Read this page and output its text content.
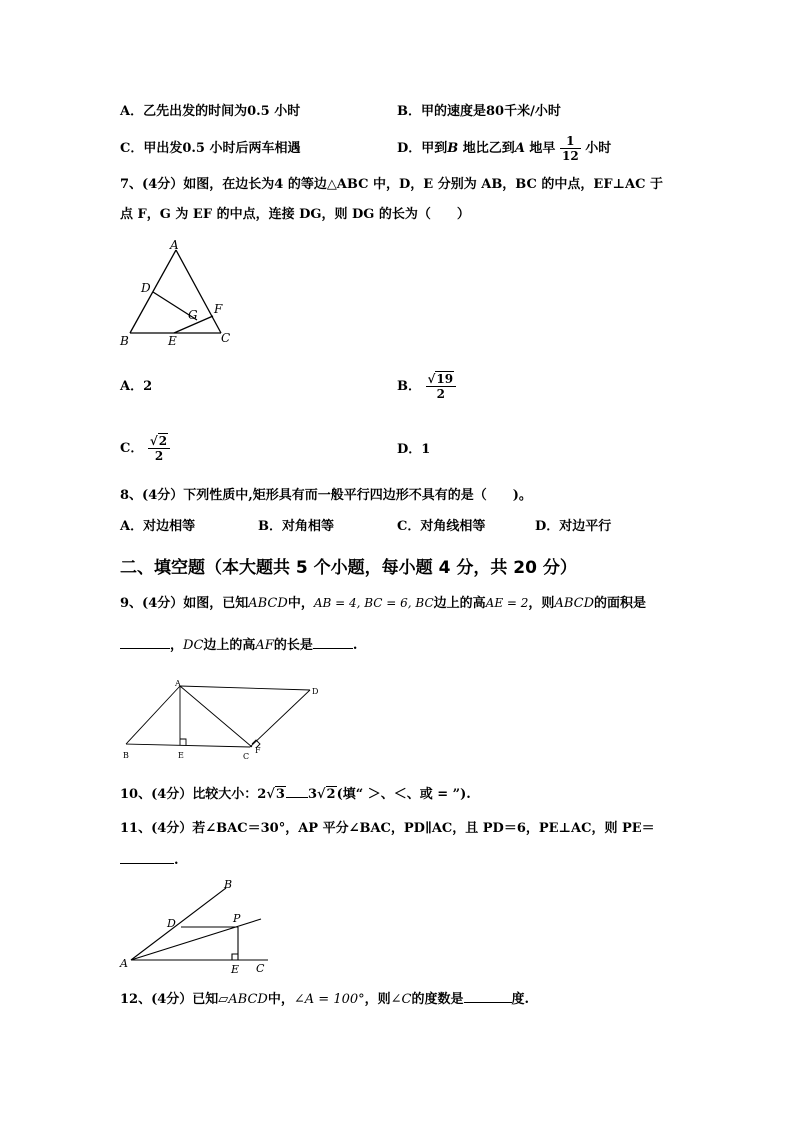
A．乙先出发的时间为0.5 小时	B．甲的速度是80千米/小时
C．甲出发0.5 小时后两车相遇	D．甲到B 地比乙到A 地早 $\frac{1}{12}$ 小时
7、(4分）如图，在边长为4 的等边△ABC 中，D，E 分别为 AB，BC 的中点，EF⊥AC 于
点 F，G 为 EF 的中点，连接 DG，则 DG 的长为（　　）
A
D
G F
B	E	C
A．2	B． $\frac{√19}{2}$
C． $\frac{√2}{2}$	D．1
8、(4分）下列性质中,矩形具有而一般平行四边形不具有的是（　　)。
A．对边相等	B．对角相等	C．对角线相等	D．对边平行
二、填空题（本大题共 5 个小题，每小题 4 分，共 20 分）
9、(4分）如图，已知ABCD中，AB = 4, BC = 6, BC边上的高AE = 2，则ABCD的面积是
，DC边上的高AF的长是	.
A
D
B	E	C
F
10、(4分）比较大小：2√3 3√2(填“ ＞、＜、或 = ”).
11、(4分）若∠BAC＝30°，AP 平分∠BAC，PD∥AC，且 PD＝6，PE⊥AC，则 PE＝
.
B
D	P
A	E C
12、(4分）已知▱ABCD中，∠A = 100°，则∠C的度数是	度.
